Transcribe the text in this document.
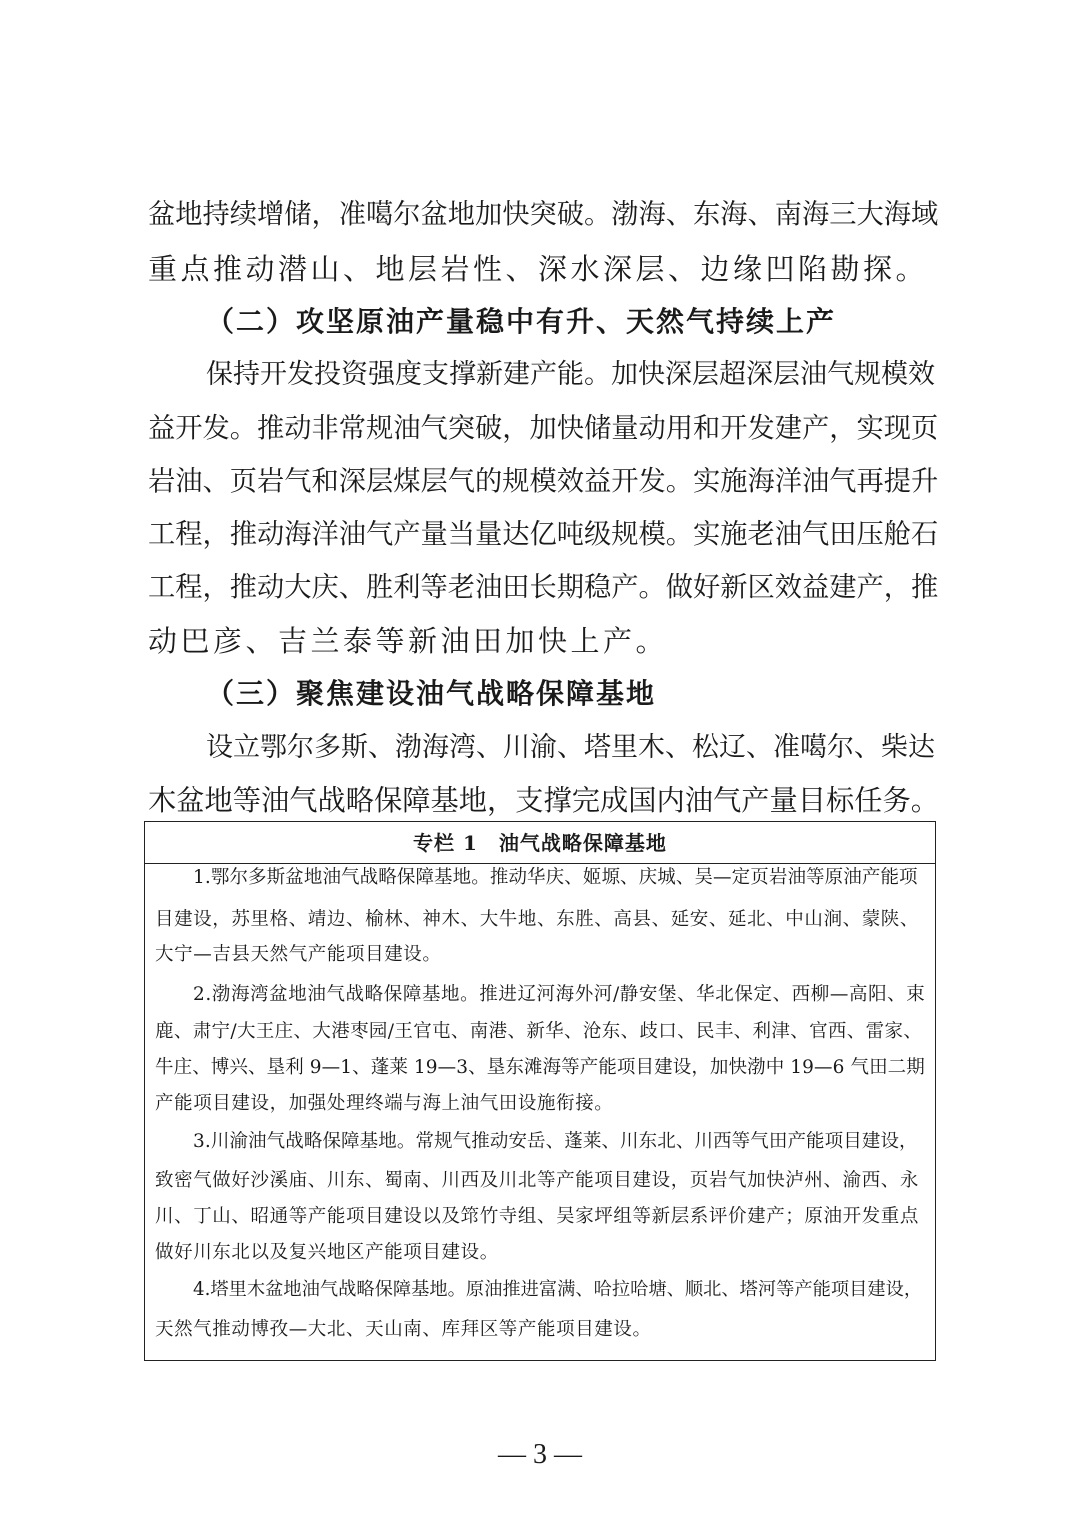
盆地持续增储，准噶尔盆地加快突破。渤海、东海、南海三大海域
重点推动潜山、地层岩性、深水深层、边缘凹陷勘探。
（二）攻坚原油产量稳中有升、天然气持续上产
保持开发投资强度支撑新建产能。加快深层超深层油气规模效
益开发。推动非常规油气突破，加快储量动用和开发建产，实现页
岩油、页岩气和深层煤层气的规模效益开发。实施海洋油气再提升
工程，推动海洋油气产量当量达亿吨级规模。实施老油气田压舱石
工程，推动大庆、胜利等老油田长期稳产。做好新区效益建产，推
动巴彦、吉兰泰等新油田加快上产。
（三）聚焦建设油气战略保障基地
设立鄂尔多斯、渤海湾、川渝、塔里木、松辽、准噶尔、柴达
木盆地等油气战略保障基地，支撑完成国内油气产量目标任务。
专栏 1　油气战略保障基地
1.鄂尔多斯盆地油气战略保障基地。推动华庆、姬塬、庆城、吴—定页岩油等原油产能项
目建设，苏里格、靖边、榆林、神木、大牛地、东胜、高县、延安、延北、中山涧、蒙陕、
大宁—吉县天然气产能项目建设。
2.渤海湾盆地油气战略保障基地。推进辽河海外河/静安堡、华北保定、西柳—高阳、束
鹿、肃宁/大王庄、大港枣园/王官屯、南港、新华、沧东、歧口、民丰、利津、官西、雷家、
牛庄、博兴、垦利 9—1、蓬莱 19—3、垦东滩海等产能项目建设，加快渤中 19—6 气田二期
产能项目建设，加强处理终端与海上油气田设施衔接。
3.川渝油气战略保障基地。常规气推动安岳、蓬莱、川东北、川西等气田产能项目建设，
致密气做好沙溪庙、川东、蜀南、川西及川北等产能项目建设，页岩气加快泸州、渝西、永
川、丁山、昭通等产能项目建设以及筇竹寺组、吴家坪组等新层系评价建产；原油开发重点
做好川东北以及复兴地区产能项目建设。
4.塔里木盆地油气战略保障基地。原油推进富满、哈拉哈塘、顺北、塔河等产能项目建设，
天然气推动博孜—大北、天山南、库拜区等产能项目建设。
— 3 —
